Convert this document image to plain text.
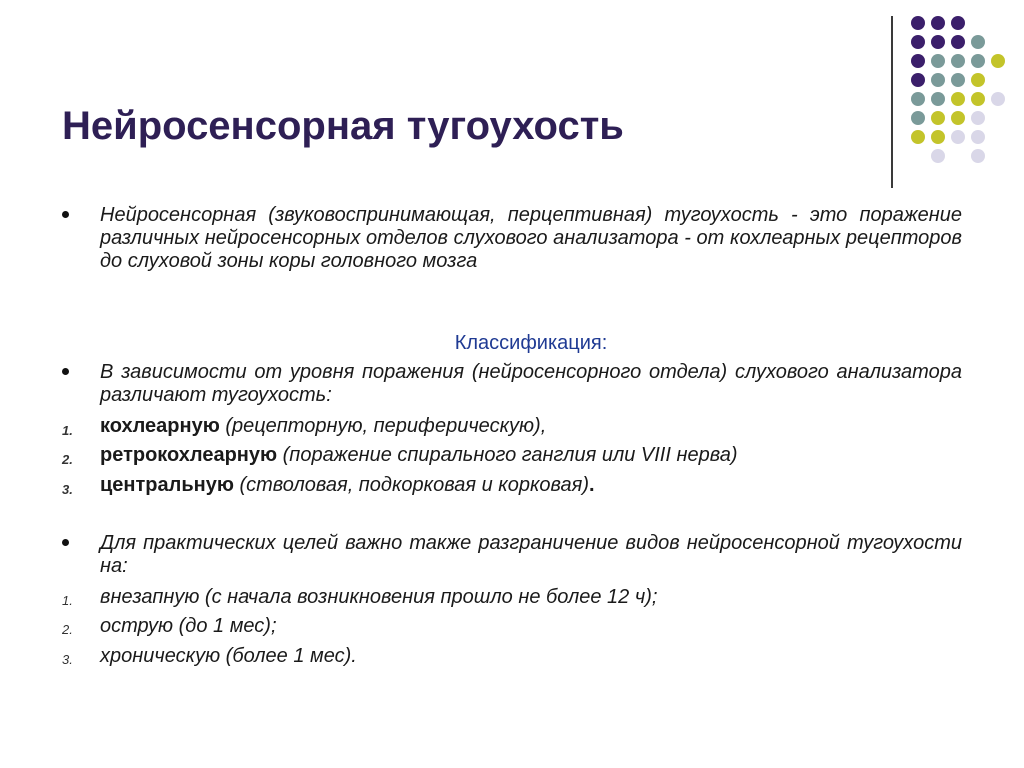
Нейросенсорная тугоухость
Нейросенсорная (звуковоспринимающая, перцептивная) тугоухость - это поражение различных нейросенсорных отделов слухового анализатора - от кохлеарных рецепторов до слуховой зоны коры головного мозга
Классификация:
В зависимости от уровня поражения (нейросенсорного отдела) слухового анализатора различают тугоухость:
1. кохлеарную (рецепторную, периферическую),
2. ретрокохлеарную (поражение спирального ганглия или VIII нерва)
3. центральную (стволовая, подкорковая и корковая).
Для практических целей важно также разграничение видов нейросенсорной тугоухости на:
1. внезапную (с начала возникновения прошло не более 12 ч);
2. острую (до 1 мес);
3. хроническую (более 1 мес).
